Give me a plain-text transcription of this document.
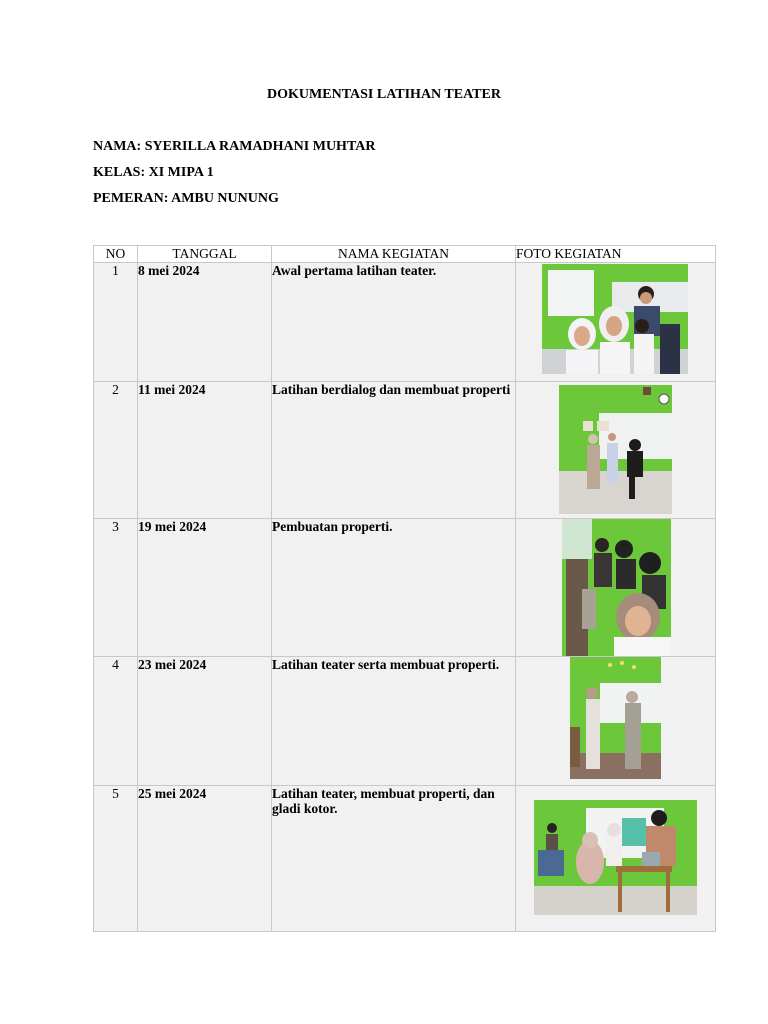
DOKUMENTASI LATIHAN TEATER
NAMA: SYERILLA RAMADHANI MUHTAR
KELAS: XI MIPA 1
PEMERAN: AMBU NUNUNG
NO	TANGGAL	NAMA KEGIATAN	FOTO KEGIATAN
1	8 mei 2024	Awal pertama latihan teater.	

2	11 mei 2024	Latihan berdialog dan membuat properti	

3	19 mei 2024	Pembuatan properti.	

4	23 mei 2024	Latihan teater serta membuat properti.	

5	25 mei 2024	Latihan teater, membuat properti, dan gladi kotor.	
